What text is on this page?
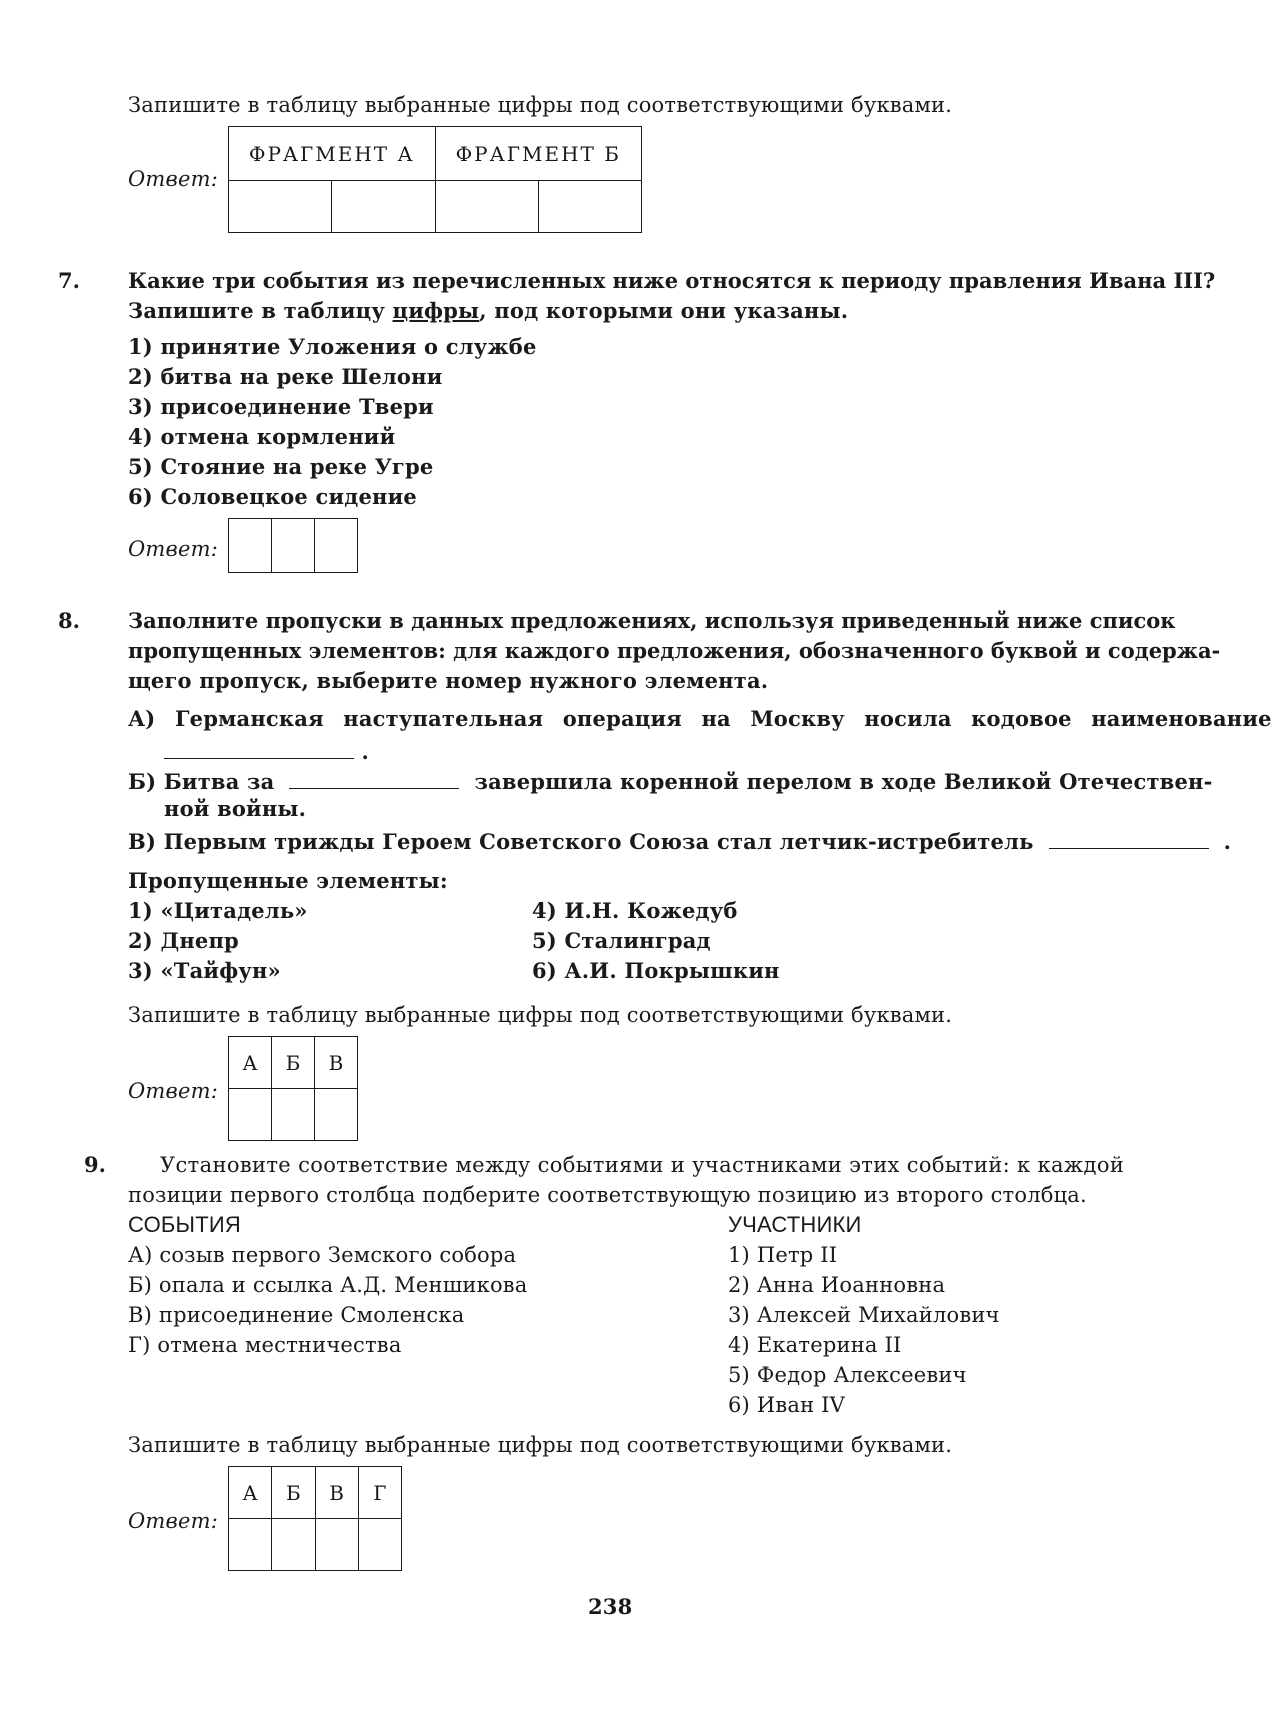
Запишите в таблицу выбранные цифры под соответствующими буквами.
Ответ:
ФРАГМЕНТ А		ФРАГМЕНТ Б	

7. Какие три события из перечисленных ниже относятся к периоду правления Ивана III?
Запишите в таблицу цифры, под которыми они указаны.
1) принятие Уложения о службе
2) битва на реке Шелони
3) присоединение Твери
4) отмена кормлений
5) Стояние на реке Угре
6) Соловецкое сидение
Ответ:

8. Заполните пропуски в данных предложениях, используя приведенный ниже список
пропущенных элементов: для каждого предложения, обозначенного буквой и содержа-
щего пропуск, выберите номер нужного элемента.
А) Германская наступательная операция на Москву носила кодовое наименование
.
Б) Битва за	завершила коренной перелом в ходе Великой Отечествен-
ной войны.
В) Первым трижды Героем Советского Союза стал летчик-истребитель	.
Пропущенные элементы:
1) «Цитадель»
2) Днепр
3) «Тайфун»
4) И.Н. Кожедуб
5) Сталинград
6) А.И. Покрышкин
Запишите в таблицу выбранные цифры под соответствующими буквами.
Ответ:
А	Б	В

9.	Установите соответствие между событиями и участниками этих событий: к каждой
позиции первого столбца подберите соответствующую позицию из второго столбца.
СОБЫТИЯ	УЧАСТНИКИ
А) созыв первого Земского собора
Б) опала и ссылка А.Д. Меншикова
В) присоединение Смоленска
Г) отмена местничества
1) Петр II
2) Анна Иоанновна
3) Алексей Михайлович
4) Екатерина II
5) Федор Алексеевич
6) Иван IV
Запишите в таблицу выбранные цифры под соответствующими буквами.
Ответ:
А	Б	В	Г

238
